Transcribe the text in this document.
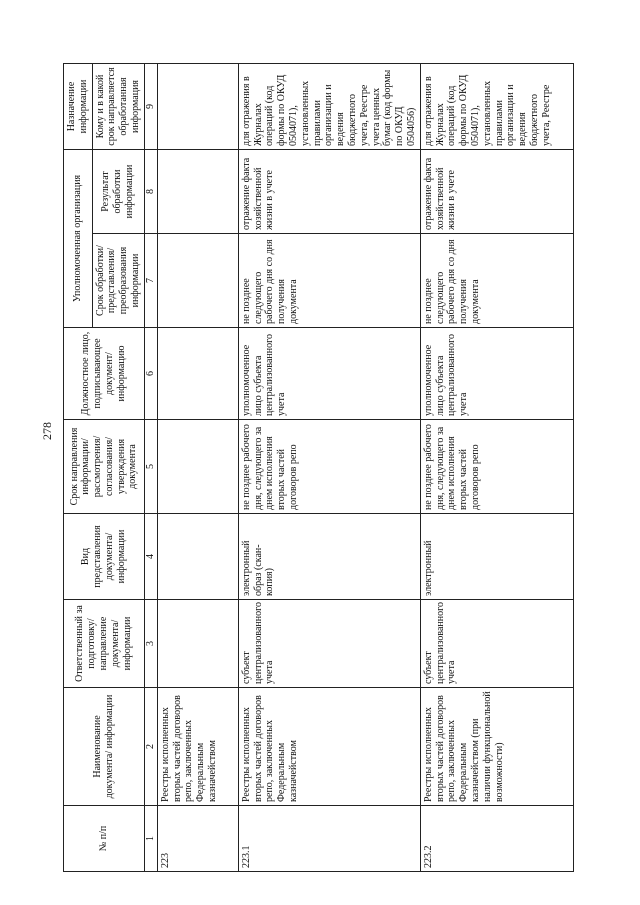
278
№ п/п	Наименование документа/ информации	Ответственный за подготовку/ направление документа/ информации	Вид представления документа/ информации	Срок направления информации/ рассмотрения/ согласования/ утверждения документа	Должностное лицо, подписывающее документ/ информацию	Уполномоченная организация		Назначение информации
						Срок обработки/ представления/ преобразования информации	Результат обработки информации	Кому и в какой срок направляется обработанная информация
1	2	3	4	5	6	7	8	9
223	Реестры исполненных вторых частей договоров репо, заключенных Федеральным казначейством							
223.1	Реестры исполненных вторых частей договоров репо, заключенных Федеральным казначейством	субъект централизованного учета	электронный образ (скан-копия)	не позднее рабочего дня, следующего за днем исполнения вторых частей договоров репо	уполномоченное лицо субъекта централизованного учета	не позднее следующего рабочего дня со дня получения документа	отражение факта хозяйственной жизни в учете	для отражения в Журналах операций (код формы по ОКУД 0504071), установленных правилами организации и ведения бюджетного учета, Реестре учета ценных бумаг (код формы по ОКУД 0504056)
223.2	Реестры исполненных вторых частей договоров репо, заключенных Федеральным казначейством (при наличии функциональной возможности)	субъект централизованного учета	электронный	не позднее рабочего дня, следующего за днем исполнения вторых частей договоров репо	уполномоченное лицо субъекта централизованного учета	не позднее следующего рабочего дня со дня получения документа	отражение факта хозяйственной жизни в учете	для отражения в Журналах операций (код формы по ОКУД 0504071), установленных правилами организации и ведения бюджетного учета, Реестре
